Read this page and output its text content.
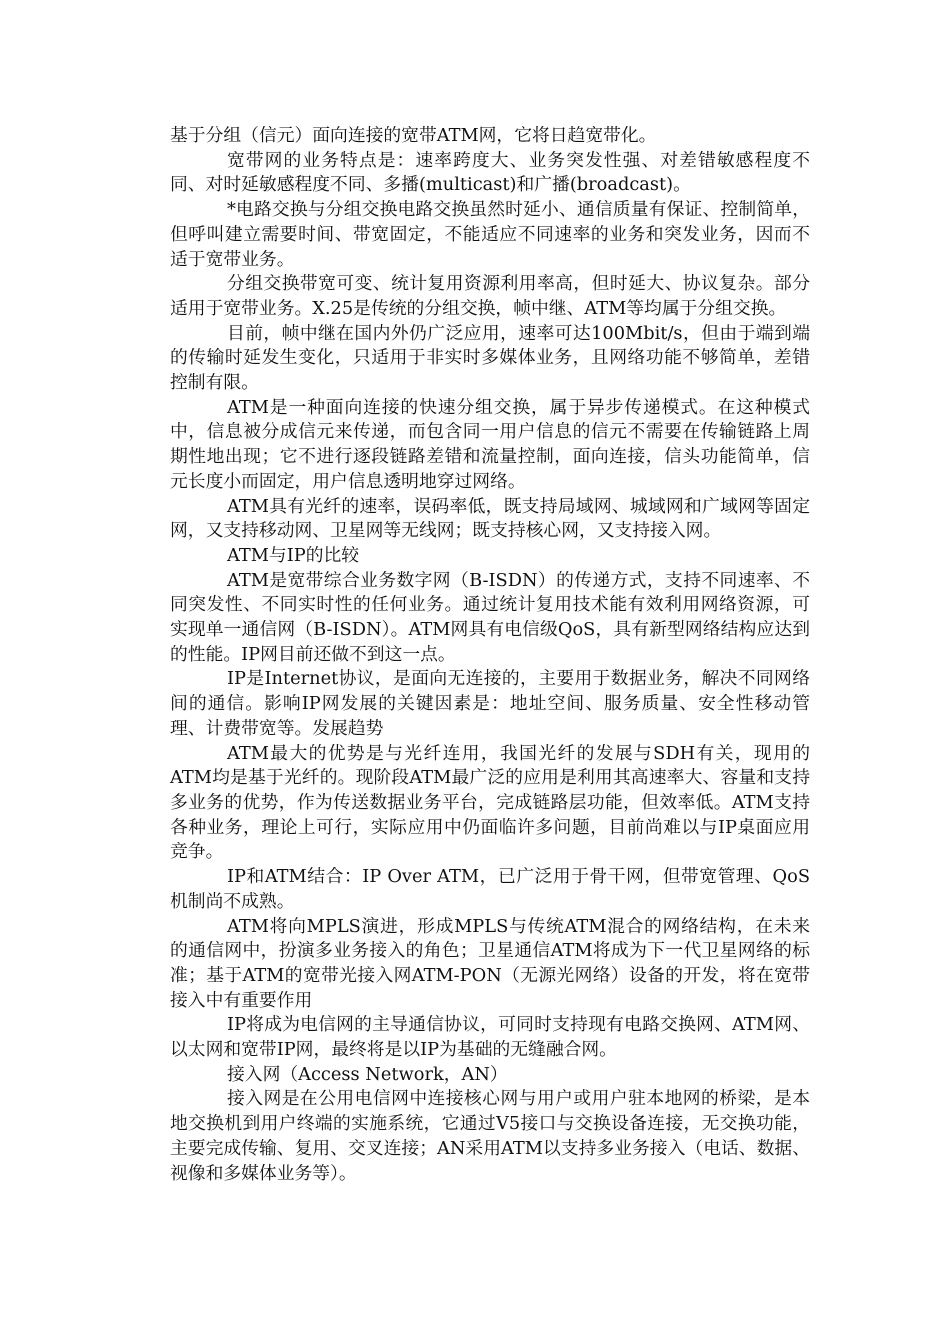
基于分组（信元）面向连接的宽带ATM网，它将日趋宽带化。

宽带网的业务特点是：速率跨度大、业务突发性强、对差错敏感程度不同、对时延敏感程度不同、多播(multicast)和广播(broadcast)。

*电路交换与分组交换电路交换虽然时延小、通信质量有保证、控制简单，但呼叫建立需要时间、带宽固定，不能适应不同速率的业务和突发业务，因而不适于宽带业务。

分组交换带宽可变、统计复用资源利用率高，但时延大、协议复杂。部分适用于宽带业务。X.25是传统的分组交换，帧中继、ATM等均属于分组交换。

目前，帧中继在国内外仍广泛应用，速率可达100Mbit/s，但由于端到端的传输时延发生变化，只适用于非实时多媒体业务，且网络功能不够简单，差错控制有限。

ATM是一种面向连接的快速分组交换，属于异步传递模式。在这种模式中，信息被分成信元来传递，而包含同一用户信息的信元不需要在传输链路上周期性地出现；它不进行逐段链路差错和流量控制，面向连接，信头功能简单，信元长度小而固定，用户信息透明地穿过网络。

ATM具有光纤的速率，误码率低，既支持局域网、城域网和广域网等固定网，又支持移动网、卫星网等无线网；既支持核心网，又支持接入网。

ATM与IP的比较

ATM是宽带综合业务数字网（B-ISDN）的传递方式，支持不同速率、不同突发性、不同实时性的任何业务。通过统计复用技术能有效利用网络资源，可实现单一通信网（B-ISDN）。ATM网具有电信级QoS，具有新型网络结构应达到的性能。IP网目前还做不到这一点。

IP是Internet协议，是面向无连接的，主要用于数据业务，解决不同网络间的通信。影响IP网发展的关键因素是：地址空间、服务质量、安全性移动管理、计费带宽等。发展趋势

ATM最大的优势是与光纤连用，我国光纤的发展与SDH有关，现用的ATM均是基于光纤的。现阶段ATM最广泛的应用是利用其高速率大、容量和支持多业务的优势，作为传送数据业务平台，完成链路层功能，但效率低。ATM支持各种业务，理论上可行，实际应用中仍面临许多问题，目前尚难以与IP桌面应用竞争。

IP和ATM结合：IP Over ATM，已广泛用于骨干网，但带宽管理、QoS机制尚不成熟。

ATM将向MPLS演进，形成MPLS与传统ATM混合的网络结构，在未来的通信网中，扮演多业务接入的角色；卫星通信ATM将成为下一代卫星网络的标准；基于ATM的宽带光接入网ATM-PON（无源光网络）设备的开发，将在宽带接入中有重要作用

IP将成为电信网的主导通信协议，可同时支持现有电路交换网、ATM网、以太网和宽带IP网，最终将是以IP为基础的无缝融合网。

接入网（Access Network，AN）

接入网是在公用电信网中连接核心网与用户或用户驻本地网的桥梁，是本地交换机到用户终端的实施系统，它通过V5接口与交换设备连接，无交换功能，主要完成传输、复用、交叉连接；AN采用ATM以支持多业务接入（电话、数据、视像和多媒体业务等）。
